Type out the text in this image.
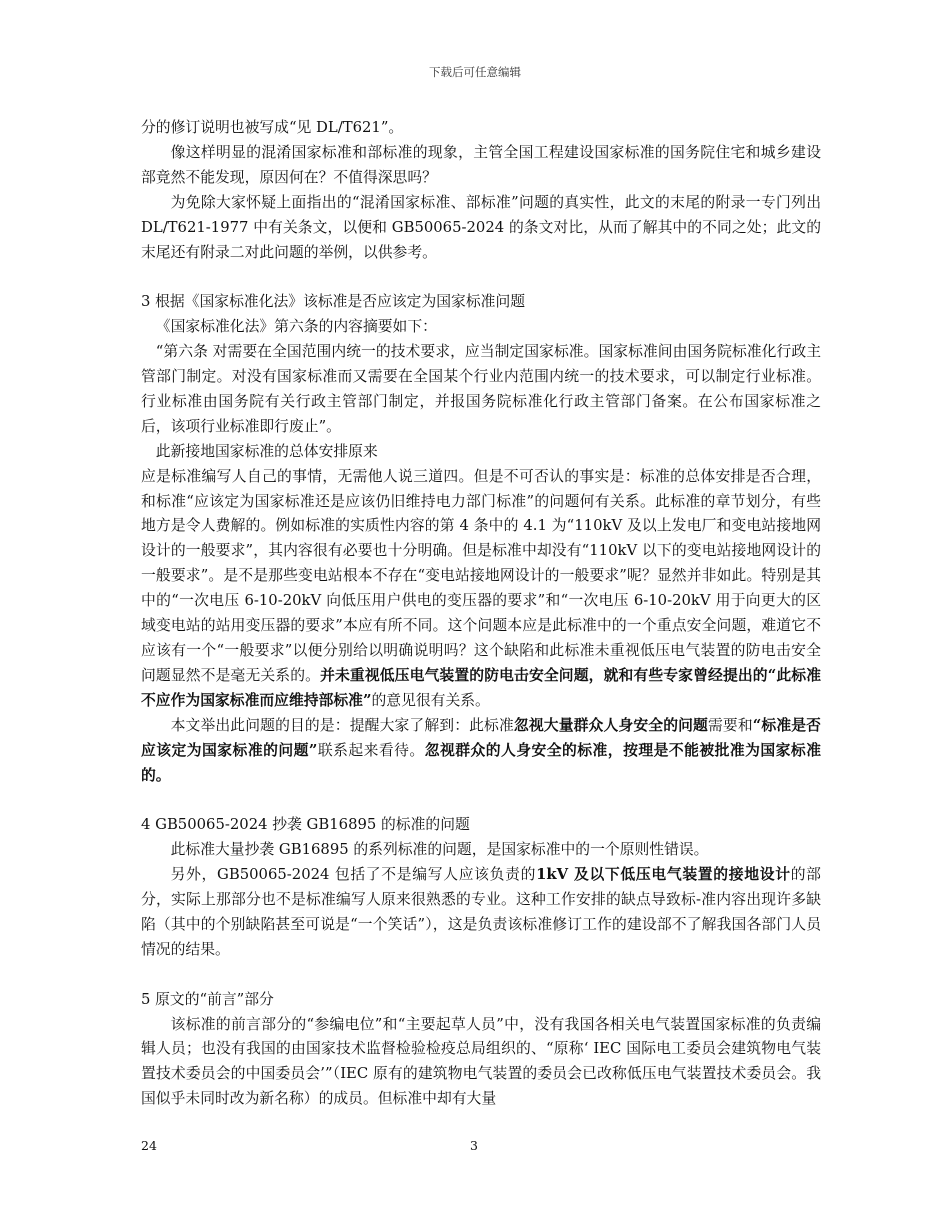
下载后可任意编辑

分的修订说明也被写成“见 DL/T621”。

像这样明显的混淆国家标准和部标准的现象，主管全国工程建设国家标准的国务院住宅和城乡建设部竟然不能发现，原因何在？不值得深思吗？

为免除大家怀疑上面指出的“混淆国家标准、部标准”问题的真实性，此文的末尾的附录一专门列出 DL/T621-1977 中有关条文，以便和 GB50065-2024 的条文对比，从而了解其中的不同之处；此文的末尾还有附录二对此问题的举例，以供参考。

3 根据《国家标准化法》该标准是否应该定为国家标准问题

《国家标准化法》第六条的内容摘要如下：

“第六条 对需要在全国范围内统一的技术要求，应当制定国家标准。国家标准间由国务院标准化行政主管部门制定。对没有国家标准而又需要在全国某个行业内范围内统一的技术要求，可以制定行业标准。行业标准由国务院有关行政主管部门制定，并报国务院标准化行政主管部门备案。在公布国家标准之后，该项行业标准即行废止”。

此新接地国家标准的总体安排原来

应是标准编写人自己的事情，无需他人说三道四。但是不可否认的事实是：标准的总体安排是否合理，和标准“应该定为国家标准还是应该仍旧维持电力部门标准”的问题何有关系。此标准的章节划分，有些地方是令人费解的。例如标准的实质性内容的第 4 条中的 4.1 为“110kV 及以上发电厂和变电站接地网设计的一般要求”，其内容很有必要也十分明确。但是标准中却没有“110kV 以下的变电站接地网设计的一般要求”。是不是那些变电站根本不存在“变电站接地网设计的一般要求”呢？显然并非如此。特别是其中的“一次电压 6-10-20kV 向低压用户供电的变压器的要求”和“一次电压 6-10-20kV 用于向更大的区域变电站的站用变压器的要求”本应有所不同。这个问题本应是此标准中的一个重点安全问题，难道它不应该有一个“一般要求”以便分别给以明确说明吗？这个缺陷和此标准未重视低压电气装置的防电击安全问题显然不是毫无关系的。并未重视低压电气装置的防电击安全问题，就和有些专家曾经提出的“此标准不应作为国家标准而应维持部标准”的意见很有关系。

本文举出此问题的目的是：提醒大家了解到：此标准忽视大量群众人身安全的问题需要和“标准是否应该定为国家标准的问题”联系起来看待。忽视群众的人身安全的标准，按理是不能被批准为国家标准的。

4 GB50065-2024 抄袭 GB16895 的标准的问题

此标准大量抄袭 GB16895 的系列标准的问题，是国家标准中的一个原则性错误。

另外，GB50065-2024 包括了不是编写人应该负责的1kV 及以下低压电气装置的接地设计的部分，实际上那部分也不是标准编写人原来很熟悉的专业。这种工作安排的缺点导致标-准内容出现许多缺陷（其中的个别缺陷甚至可说是“一个笑话”），这是负责该标准修订工作的建设部不了解我国各部门人员情况的结果。

5 原文的“前言”部分

该标准的前言部分的“参编电位”和“主要起草人员”中，没有我国各相关电气装置国家标准的负责编辑人员；也没有我国的由国家技术监督检验检疫总局组织的、“原称‘ IEC 国际电工委员会建筑物电气装置技术委员会的中国委员会’”（IEC 原有的建筑物电气装置的委员会已改称低压电气装置技术委员会。我国似乎未同时改为新名称）的成员。但标准中却有大量

24	3
